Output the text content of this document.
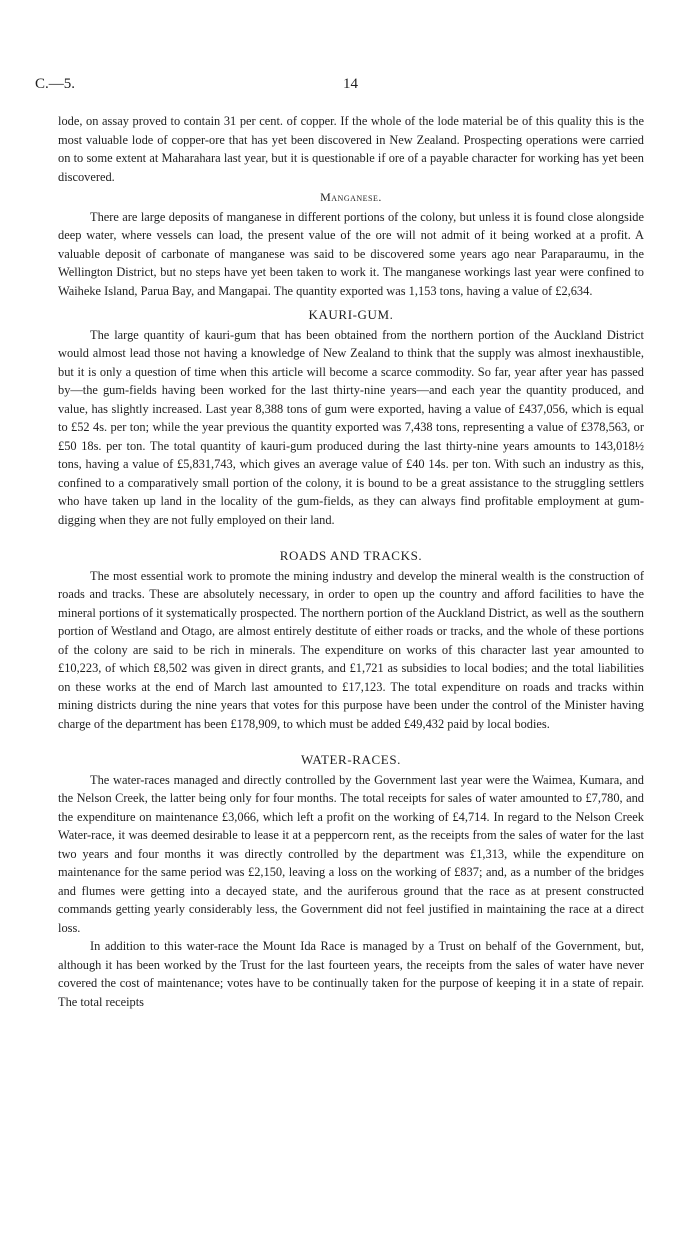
C.—5.	14

lode, on assay proved to contain 31 per cent. of copper. If the whole of the lode material be of this quality this is the most valuable lode of copper-ore that has yet been discovered in New Zealand. Prospecting operations were carried on to some extent at Maharahara last year, but it is questionable if ore of a payable character for working has yet been discovered.

Manganese.

There are large deposits of manganese in different portions of the colony, but unless it is found close alongside deep water, where vessels can load, the present value of the ore will not admit of it being worked at a profit. A valuable deposit of carbonate of manganese was said to be discovered some years ago near Paraparaumu, in the Wellington District, but no steps have yet been taken to work it. The manganese workings last year were confined to Waiheke Island, Parua Bay, and Mangapai. The quantity exported was 1,153 tons, having a value of £2,634.

KAURI-GUM.

The large quantity of kauri-gum that has been obtained from the northern portion of the Auckland District would almost lead those not having a knowledge of New Zealand to think that the supply was almost inexhaustible, but it is only a question of time when this article will become a scarce commodity. So far, year after year has passed by—the gum-fields having been worked for the last thirty-nine years—and each year the quantity produced, and value, has slightly increased. Last year 8,388 tons of gum were exported, having a value of £437,056, which is equal to £52 4s. per ton; while the year previous the quantity exported was 7,438 tons, representing a value of £378,563, or £50 18s. per ton. The total quantity of kauri-gum produced during the last thirty-nine years amounts to 143,018½ tons, having a value of £5,831,743, which gives an average value of £40 14s. per ton. With such an industry as this, confined to a comparatively small portion of the colony, it is bound to be a great assistance to the struggling settlers who have taken up land in the locality of the gum-fields, as they can always find profitable employment at gum-digging when they are not fully employed on their land.

ROADS AND TRACKS.

The most essential work to promote the mining industry and develop the mineral wealth is the construction of roads and tracks. These are absolutely necessary, in order to open up the country and afford facilities to have the mineral portions of it systematically prospected. The northern portion of the Auckland District, as well as the southern portion of Westland and Otago, are almost entirely destitute of either roads or tracks, and the whole of these portions of the colony are said to be rich in minerals. The expenditure on works of this character last year amounted to £10,223, of which £8,502 was given in direct grants, and £1,721 as subsidies to local bodies; and the total liabilities on these works at the end of March last amounted to £17,123. The total expenditure on roads and tracks within mining districts during the nine years that votes for this purpose have been under the control of the Minister having charge of the department has been £178,909, to which must be added £49,432 paid by local bodies.

WATER-RACES.

The water-races managed and directly controlled by the Government last year were the Waimea, Kumara, and the Nelson Creek, the latter being only for four months. The total receipts for sales of water amounted to £7,780, and the expenditure on maintenance £3,066, which left a profit on the working of £4,714. In regard to the Nelson Creek Water-race, it was deemed desirable to lease it at a peppercorn rent, as the receipts from the sales of water for the last two years and four months it was directly controlled by the department was £1,313, while the expenditure on maintenance for the same period was £2,150, leaving a loss on the working of £837; and, as a number of the bridges and flumes were getting into a decayed state, and the auriferous ground that the race as at present constructed commands getting yearly considerably less, the Government did not feel justified in maintaining the race at a direct loss.

In addition to this water-race the Mount Ida Race is managed by a Trust on behalf of the Government, but, although it has been worked by the Trust for the last fourteen years, the receipts from the sales of water have never covered the cost of maintenance; votes have to be continually taken for the purpose of keeping it in a state of repair. The total receipts
